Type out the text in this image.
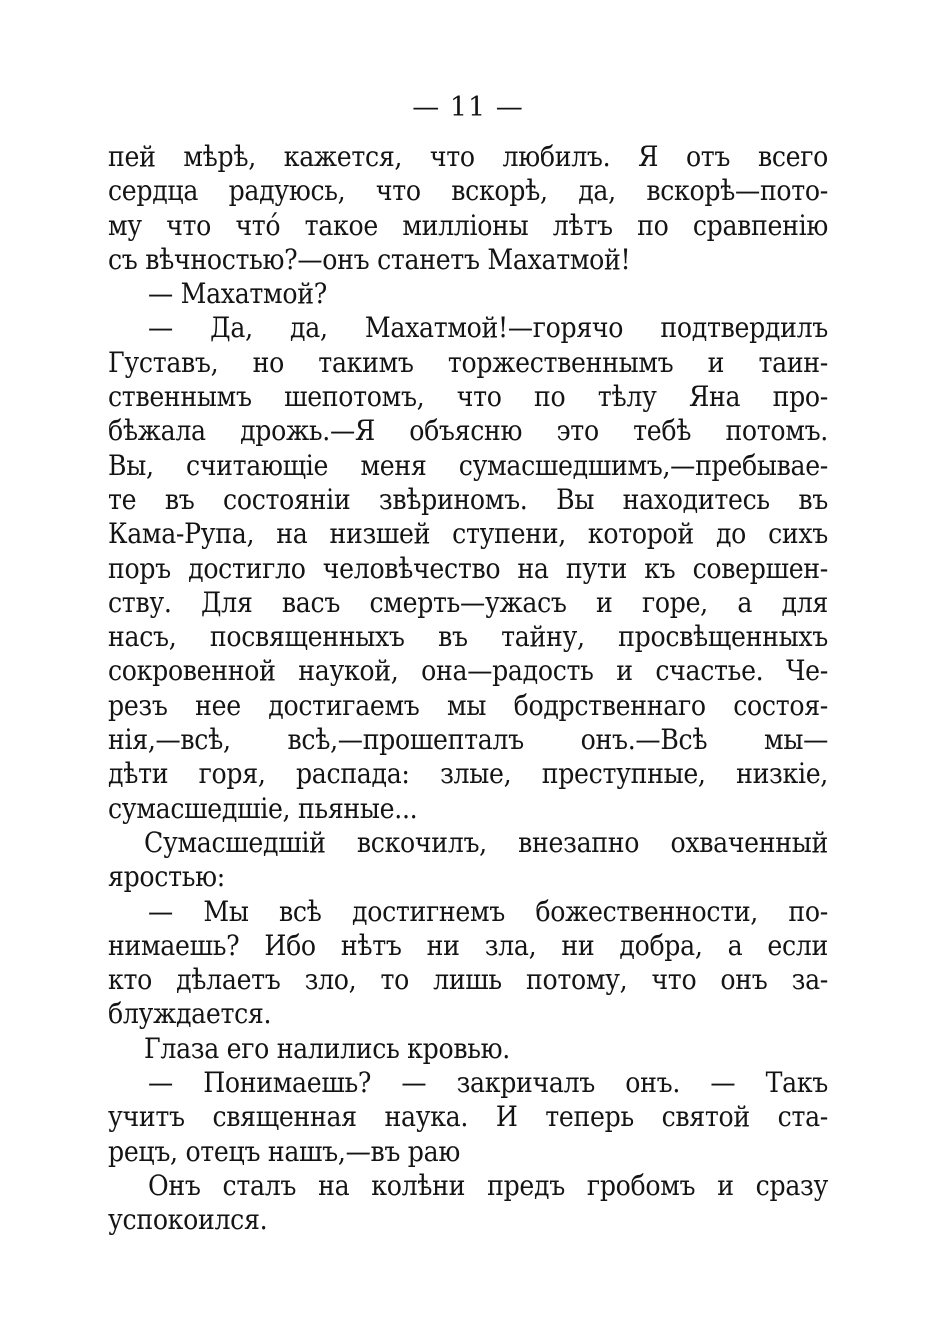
— 11 —
пей мѣрѣ, кажется, что любилъ. Я отъ всего
сердца радуюсь, что вскорѣ, да, вскорѣ—пото-
му что что́ такое миллiоны лѣтъ по сравпенiю
съ вѣчностью?—онъ станетъ Махатмой!
— Махатмой?
— Да, да, Махатмой!—горячо подтвердилъ
Густавъ, но такимъ торжественнымъ и таин-
ственнымъ шепотомъ, что по тѣлу Яна про-
бѣжала дрожь.—Я объясню это тебѣ потомъ.
Вы, считающiе меня сумасшедшимъ,—пребывае-
те въ состоянiи звѣриномъ. Вы находитесь въ
Кама-Рупа, на низшей ступени, которой до сихъ
поръ достигло человѣчество на пути къ совершен-
ству. Для васъ смерть—ужасъ и горе, а для
насъ, посвященныхъ въ тайну, просвѣщенныхъ
сокровенной наукой, она—радость и счастье. Че-
резъ нее достигаемъ мы бодрственнаго состоя-
нiя,—всѣ, всѣ,—прошепталъ онъ.—Всѣ мы—
дѣти горя, распада: злые, преступные, низкiе,
сумасшедшiе, пьяные...
Сумасшедшiй вскочилъ, внезапно охваченный
яростью:
— Мы всѣ достигнемъ божественности, по-
нимаешь? Ибо нѣтъ ни зла, ни добра, а если
кто дѣлаетъ зло, то лишь потому, что онъ за-
блуждается.
Глаза его налились кровью.
— Понимаешь? — закричалъ онъ. — Такъ
учитъ священная наука. И теперь святой ста-
рецъ, отецъ нашъ,—въ раю
Онъ сталъ на колѣни предъ гробомъ и сразу
успокоился.
